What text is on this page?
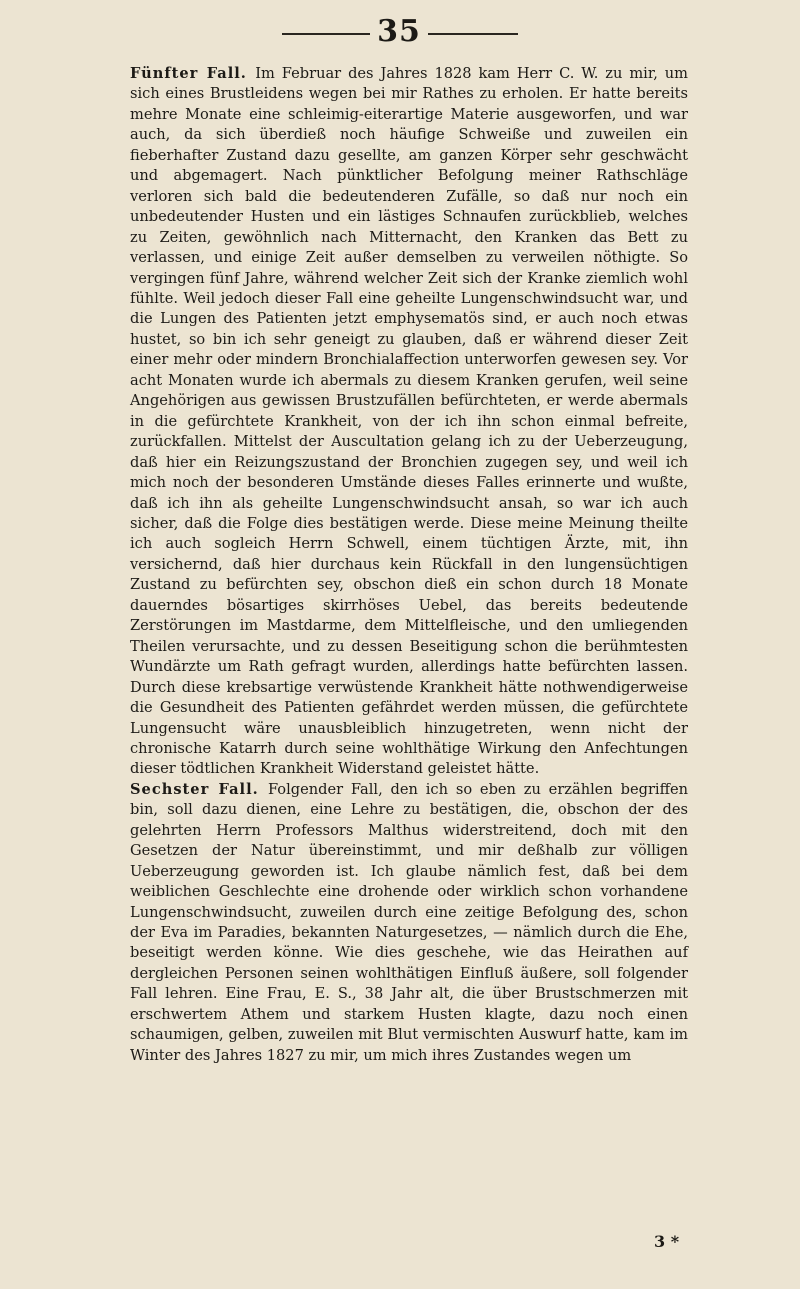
35

Fünfter Fall. Im Februar des Jahres 1828 kam Herr C. W. zu mir, um sich eines Brustleidens wegen bei mir Rathes zu erholen. Er hatte bereits mehre Monate eine schleimig-eiterartige Materie ausgeworfen, und war auch, da sich überdieß noch häufige Schweiße und zuweilen ein fieberhafter Zustand dazu gesellte, am ganzen Körper sehr geschwächt und abgemagert. Nach pünktlicher Befolgung meiner Rathschläge verloren sich bald die bedeutenderen Zufälle, so daß nur noch ein unbedeutender Husten und ein lästiges Schnaufen zurückblieb, welches zu Zeiten, gewöhnlich nach Mitternacht, den Kranken das Bett zu verlassen, und einige Zeit außer demselben zu verweilen nöthigte. So vergingen fünf Jahre, während welcher Zeit sich der Kranke ziemlich wohl fühlte. Weil jedoch dieser Fall eine geheilte Lungenschwindsucht war, und die Lungen des Patienten jetzt emphysematös sind, er auch noch etwas hustet, so bin ich sehr geneigt zu glauben, daß er während dieser Zeit einer mehr oder mindern Bronchialaffection unterworfen gewesen sey. Vor acht Monaten wurde ich abermals zu diesem Kranken gerufen, weil seine Angehörigen aus gewissen Brustzufällen befürchteten, er werde abermals in die gefürchtete Krankheit, von der ich ihn schon einmal befreite, zurückfallen. Mittelst der Auscultation gelang ich zu der Ueberzeugung, daß hier ein Reizungszustand der Bronchien zugegen sey, und weil ich mich noch der besonderen Umstände dieses Falles erinnerte und wußte, daß ich ihn als geheilte Lungenschwindsucht ansah, so war ich auch sicher, daß die Folge dies bestätigen werde. Diese meine Meinung theilte ich auch sogleich Herrn Schwell, einem tüchtigen Ärzte, mit, ihn versichernd, daß hier durchaus kein Rückfall in den lungensüchtigen Zustand zu befürchten sey, obschon dieß ein schon durch 18 Monate dauerndes bösartiges skirrhöses Uebel, das bereits bedeutende Zerstörungen im Mastdarme, dem Mittelfleische, und den umliegenden Theilen verursachte, und zu dessen Beseitigung schon die berühmtesten Wundärzte um Rath gefragt wurden, allerdings hatte befürchten lassen. Durch diese krebsartige verwüstende Krankheit hätte nothwendigerweise die Gesundheit des Patienten gefährdet werden müssen, die gefürchtete Lungensucht wäre unausbleiblich hinzugetreten, wenn nicht der chronische Katarrh durch seine wohlthätige Wirkung den Anfechtungen dieser tödtlichen Krankheit Widerstand geleistet hätte.

Sechster Fall. Folgender Fall, den ich so eben zu erzählen begriffen bin, soll dazu dienen, eine Lehre zu bestätigen, die, obschon der des gelehrten Herrn Professors Malthus widerstreitend, doch mit den Gesetzen der Natur übereinstimmt, und mir deßhalb zur völligen Ueberzeugung geworden ist. Ich glaube nämlich fest, daß bei dem weiblichen Geschlechte eine drohende oder wirklich schon vorhandene Lungenschwindsucht, zuweilen durch eine zeitige Befolgung des, schon der Eva im Paradies, bekannten Naturgesetzes, — nämlich durch die Ehe, beseitigt werden könne. Wie dies geschehe, wie das Heirathen auf dergleichen Personen seinen wohlthätigen Einfluß äußere, soll folgender Fall lehren. Eine Frau, E. S., 38 Jahr alt, die über Brustschmerzen mit erschwertem Athem und starkem Husten klagte, dazu noch einen schaumigen, gelben, zuweilen mit Blut vermischten Auswurf hatte, kam im Winter des Jahres 1827 zu mir, um mich ihres Zustandes wegen um

3 *
